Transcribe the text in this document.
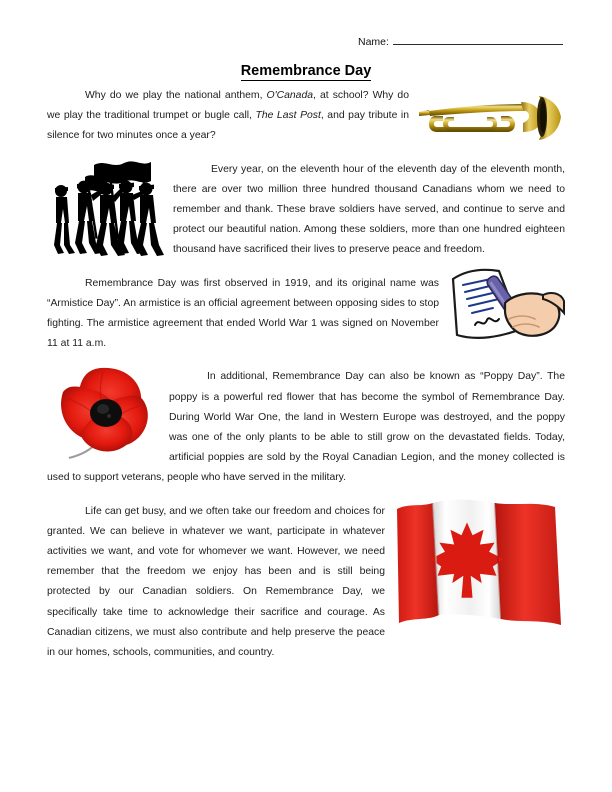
Name:
Remembrance Day

Why do we play the national anthem, O'Canada, at school? Why do we play the traditional trumpet or bugle call, The Last Post, and pay tribute in silence for two minutes once a year?

Every year, on the eleventh hour of the eleventh day of the eleventh month, there are over two million three hundred thousand Canadians whom we need to remember and thank. These brave soldiers have served, and continue to serve and protect our beautiful nation. Among these soldiers, more than one hundred eighteen thousand have sacrificed their lives to preserve peace and freedom.

Remembrance Day was first observed in 1919, and its original name was “Armistice Day”. An armistice is an official agreement between opposing sides to stop fighting. The armistice agreement that ended World War 1 was signed on November 11 at 11 a.m.

In additional, Remembrance Day can also be known as “Poppy Day”. The poppy is a powerful red flower that has become the symbol of Remembrance Day. During World War One, the land in Western Europe was destroyed, and the poppy was one of the only plants to be able to still grow on the devastated fields. Today, artificial poppies are sold by the Royal Canadian Legion, and the money collected is used to support veterans, people who have served in the military.

Life can get busy, and we often take our freedom and choices for granted. We can believe in whatever we want, participate in whatever activities we want, and vote for whomever we want. However, we need remember that the freedom we enjoy has been and is still being protected by our Canadian soldiers. On Remembrance Day, we specifically take time to acknowledge their sacrifice and courage. As Canadian citizens, we must also contribute and help preserve the peace in our homes, schools, communities, and country.
